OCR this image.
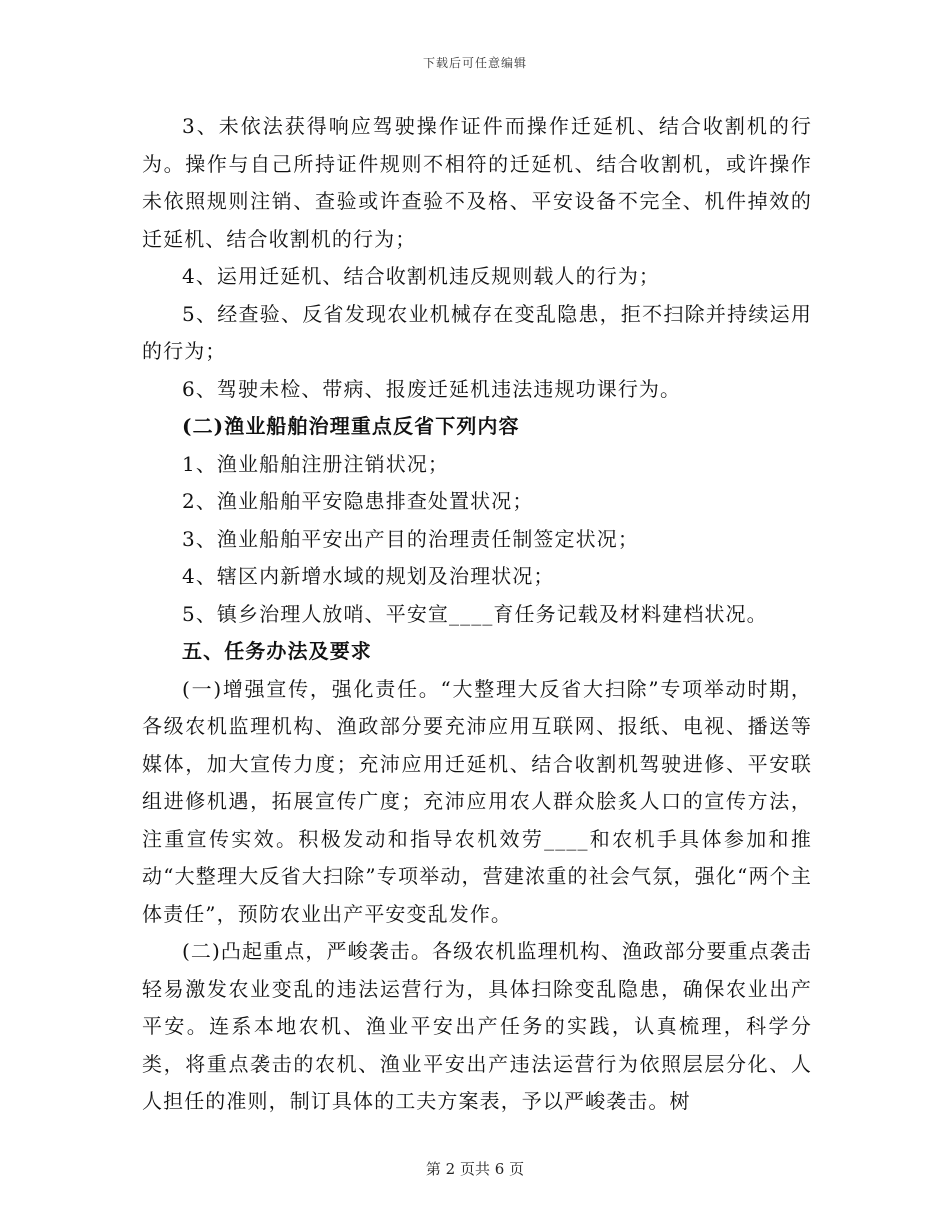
下载后可任意编辑

3、未依法获得响应驾驶操作证件而操作迁延机、结合收割机的行为。操作与自己所持证件规则不相符的迁延机、结合收割机，或许操作未依照规则注销、查验或许查验不及格、平安设备不完全、机件掉效的迁延机、结合收割机的行为；

4、运用迁延机、结合收割机违反规则载人的行为；

5、经查验、反省发现农业机械存在变乱隐患，拒不扫除并持续运用的行为；

6、驾驶未检、带病、报废迁延机违法违规功课行为。

(二)渔业船舶治理重点反省下列内容

1、渔业船舶注册注销状况；

2、渔业船舶平安隐患排查处置状况；

3、渔业船舶平安出产目的治理责任制签定状况；

4、辖区内新增水域的规划及治理状况；

5、镇乡治理人放哨、平安宣____育任务记载及材料建档状况。

五、任务办法及要求

(一)增强宣传，强化责任。“大整理大反省大扫除”专项举动时期，各级农机监理机构、渔政部分要充沛应用互联网、报纸、电视、播送等媒体，加大宣传力度；充沛应用迁延机、结合收割机驾驶进修、平安联组进修机遇，拓展宣传广度；充沛应用农人群众脍炙人口的宣传方法，注重宣传实效。积极发动和指导农机效劳____和农机手具体参加和推动“大整理大反省大扫除”专项举动，营建浓重的社会气氛，强化“两个主体责任”，预防农业出产平安变乱发作。

(二)凸起重点，严峻袭击。各级农机监理机构、渔政部分要重点袭击轻易激发农业变乱的违法运营行为，具体扫除变乱隐患，确保农业出产平安。连系本地农机、渔业平安出产任务的实践，认真梳理，科学分类，将重点袭击的农机、渔业平安出产违法运营行为依照层层分化、人人担任的准则，制订具体的工夫方案表，予以严峻袭击。树

第 2 页共 6 页
